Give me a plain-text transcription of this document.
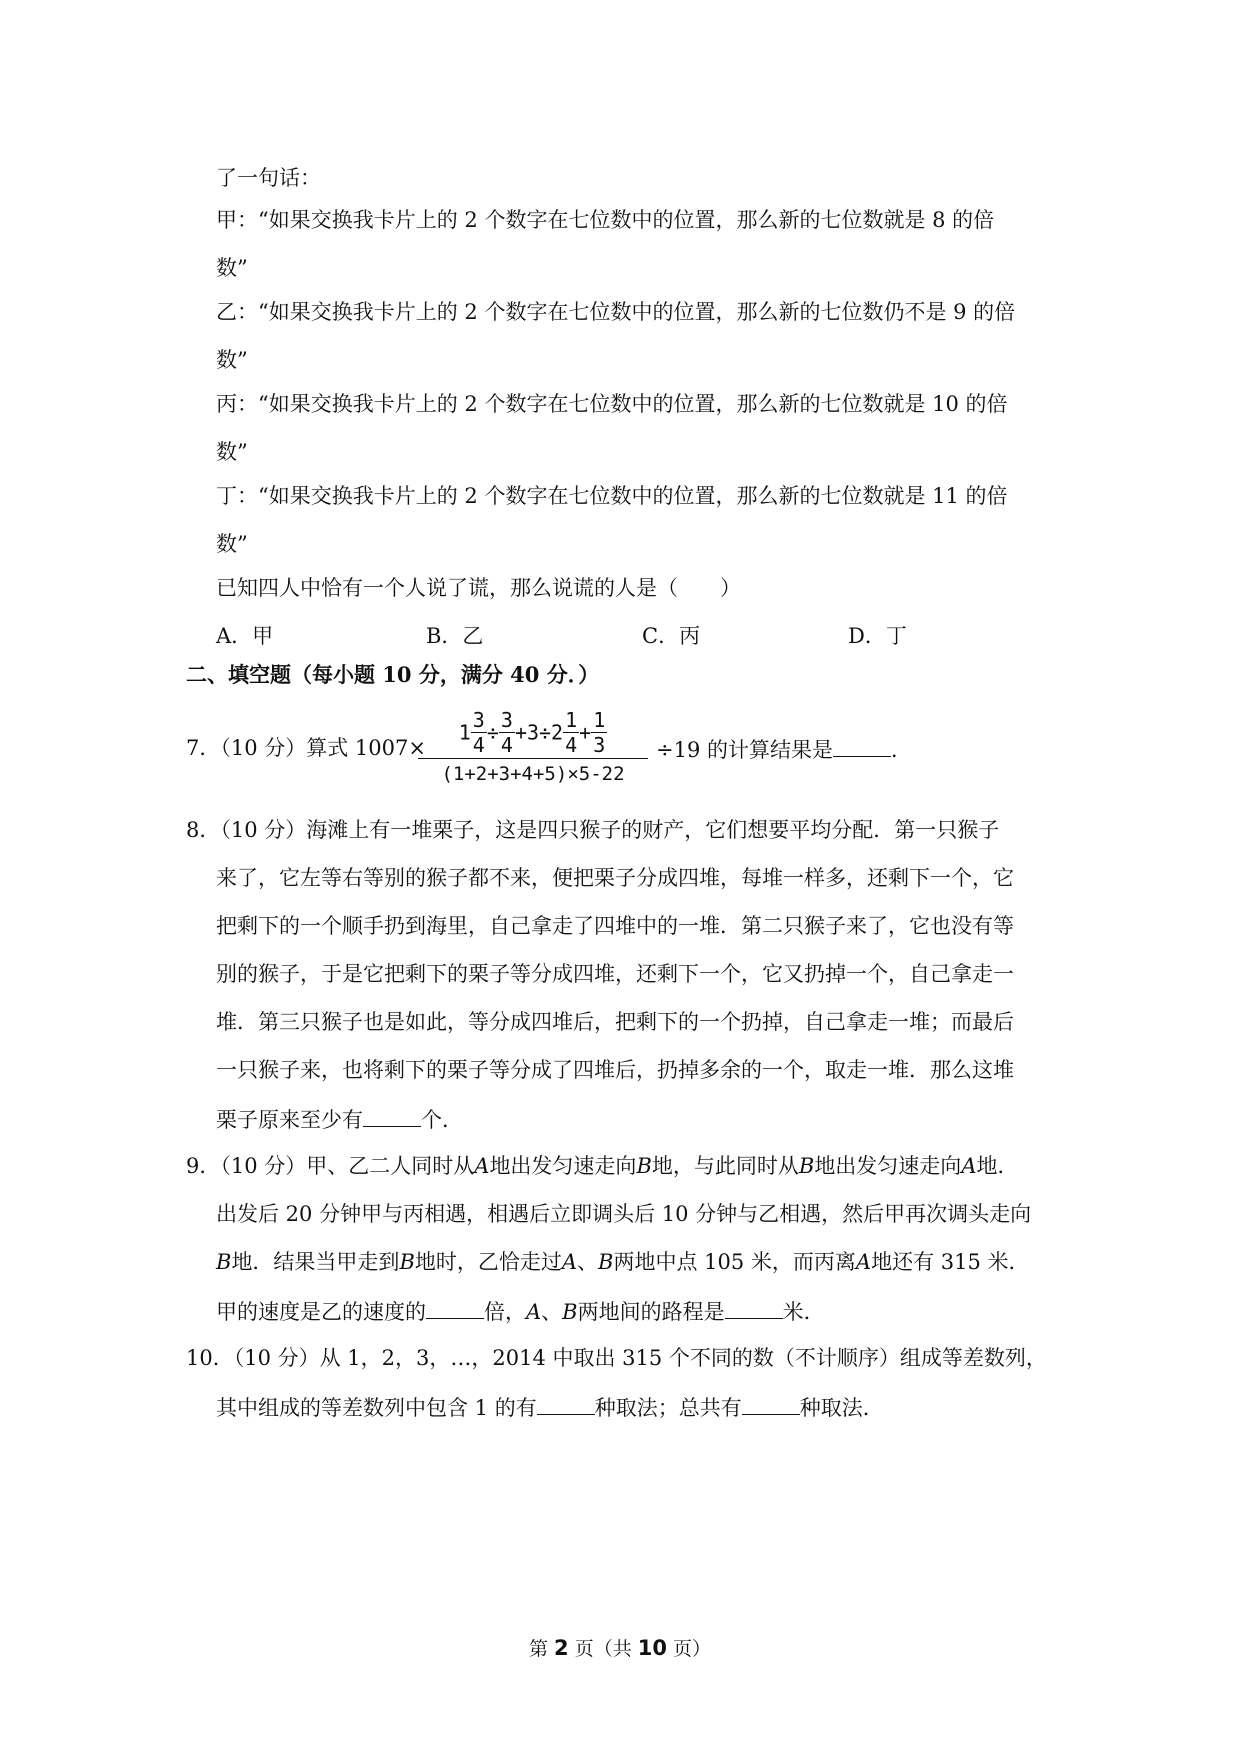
了一句话：
甲：“如果交换我卡片上的 2 个数字在七位数中的位置，那么新的七位数就是 8 的倍
数”
乙：“如果交换我卡片上的 2 个数字在七位数中的位置，那么新的七位数仍不是 9 的倍
数”
丙：“如果交换我卡片上的 2 个数字在七位数中的位置，那么新的七位数就是 10 的倍
数”
丁：“如果交换我卡片上的 2 个数字在七位数中的位置，那么新的七位数就是 11 的倍
数”
已知四人中恰有一个人说了谎，那么说谎的人是（　　）
A．甲	B．乙	C．丙	D．丁
二、填空题（每小题 10 分，满分 40 分．）
7．（10 分）算式 1007×
$\frac{1 \frac{3}{4} \div \frac{3}{4} +3\div 2 \frac{1}{4} + \frac{1}{3}}{(1+2+3+4+5)\times 5-22} \div 19$ 的计算结果是	．
8．（10 分）海滩上有一堆栗子，这是四只猴子的财产，它们想要平均分配．第一只猴子
来了，它左等右等别的猴子都不来，便把栗子分成四堆，每堆一样多，还剩下一个，它
把剩下的一个顺手扔到海里，自己拿走了四堆中的一堆．第二只猴子来了，它也没有等
别的猴子，于是它把剩下的栗子等分成四堆，还剩下一个，它又扔掉一个，自己拿走一
堆．第三只猴子也是如此，等分成四堆后，把剩下的一个扔掉，自己拿走一堆；而最后
一只猴子来，也将剩下的栗子等分成了四堆后，扔掉多余的一个，取走一堆．那么这堆
栗子原来至少有	个．
9．（10 分）甲、乙二人同时从A地出发匀速走向B地，与此同时从B地出发匀速走向A地．
出发后 20 分钟甲与丙相遇，相遇后立即调头后 10 分钟与乙相遇，然后甲再次调头走向
B地．结果当甲走到B地时，乙恰走过A、B两地中点 105 米，而丙离A地还有 315 米．
甲的速度是乙的速度的	倍，A、B两地间的路程是	米．
10．（10 分）从 1，2，3，…，2014 中取出 315 个不同的数（不计顺序）组成等差数列，
其中组成的等差数列中包含 1 的有	种取法；总共有	种取法．
第 2 页（共 10 页）
